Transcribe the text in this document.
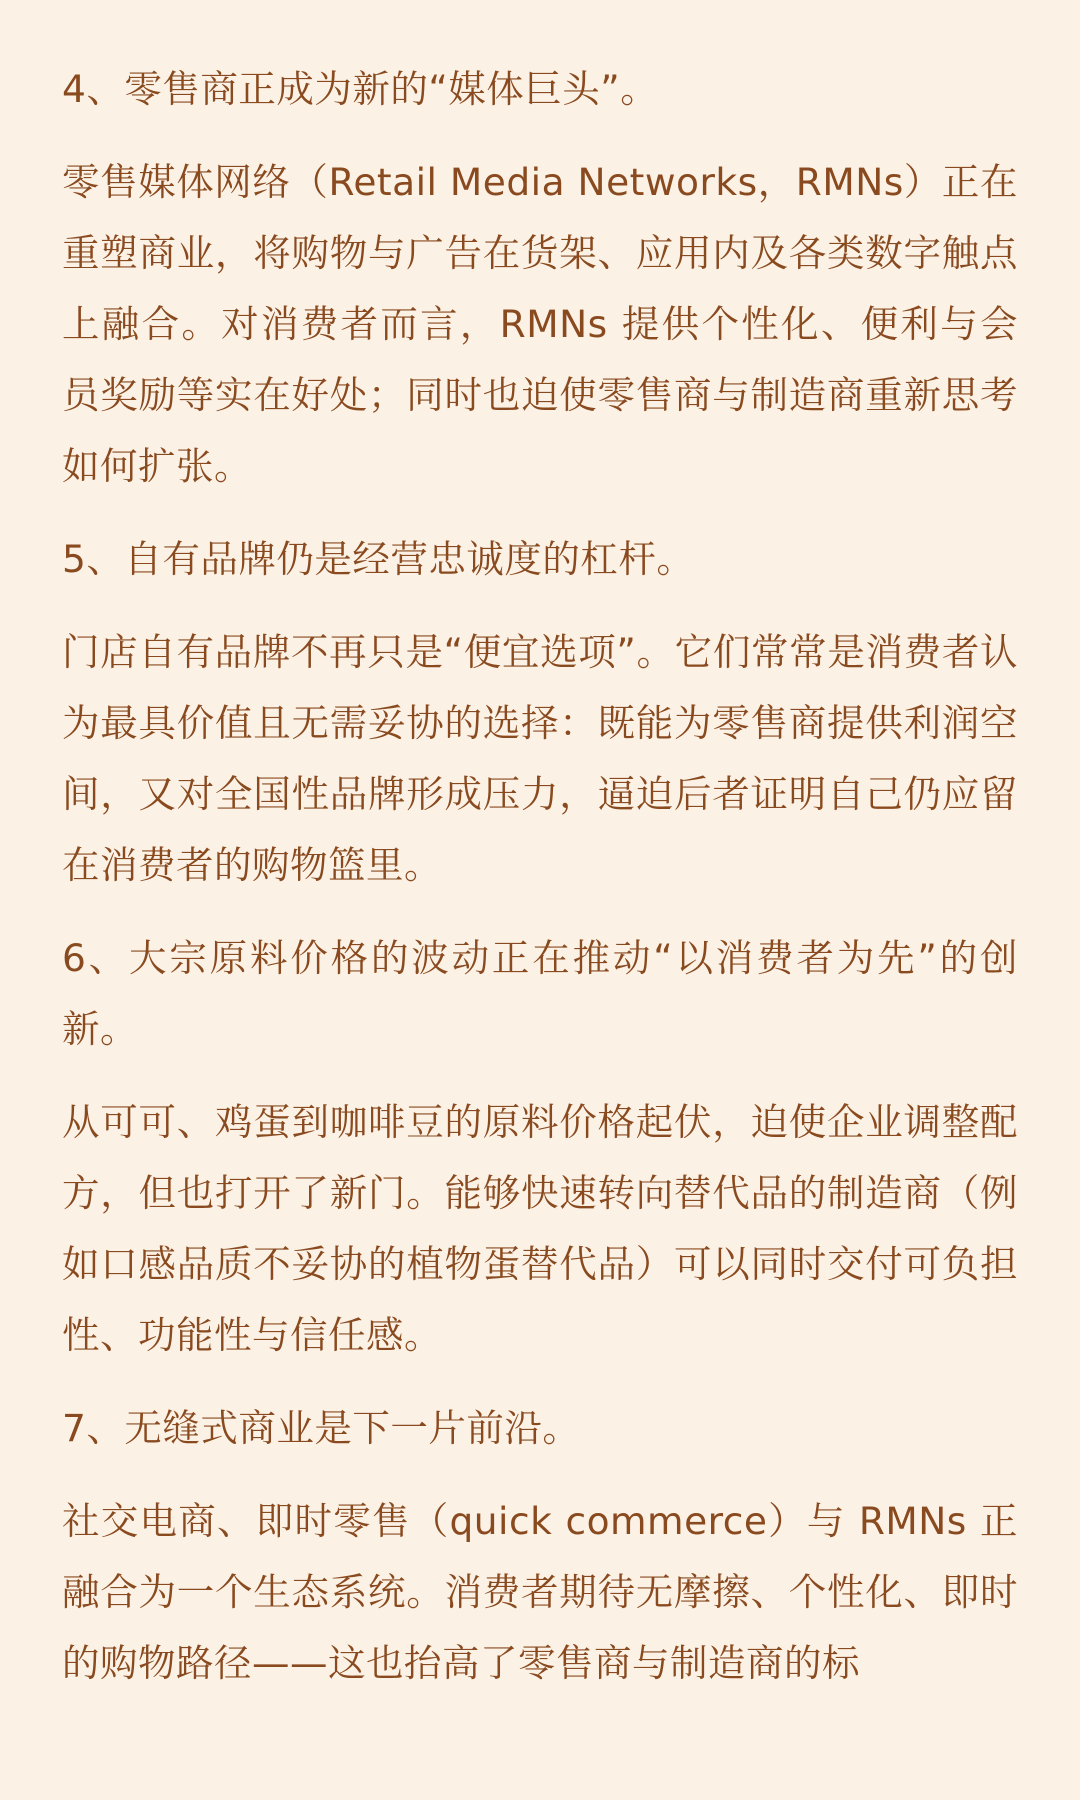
4、零售商正成为新的“媒体巨头”。

零售媒体网络（Retail Media Networks，RMNs）正在重塑商业，将购物与广告在货架、应用内及各类数字触点上融合。对消费者而言，RMNs 提供个性化、便利与会员奖励等实在好处；同时也迫使零售商与制造商重新思考如何扩张。

5、自有品牌仍是经营忠诚度的杠杆。

门店自有品牌不再只是“便宜选项”。它们常常是消费者认为最具价值且无需妥协的选择：既能为零售商提供利润空间，又对全国性品牌形成压力，逼迫后者证明自己仍应留在消费者的购物篮里。

6、大宗原料价格的波动正在推动“以消费者为先”的创新。

从可可、鸡蛋到咖啡豆的原料价格起伏，迫使企业调整配方，但也打开了新门。能够快速转向替代品的制造商（例如口感品质不妥协的植物蛋替代品）可以同时交付可负担性、功能性与信任感。

7、无缝式商业是下一片前沿。

社交电商、即时零售（quick commerce）与 RMNs 正融合为一个生态系统。消费者期待无摩擦、个性化、即时的购物路径——这也抬高了零售商与制造商的标
